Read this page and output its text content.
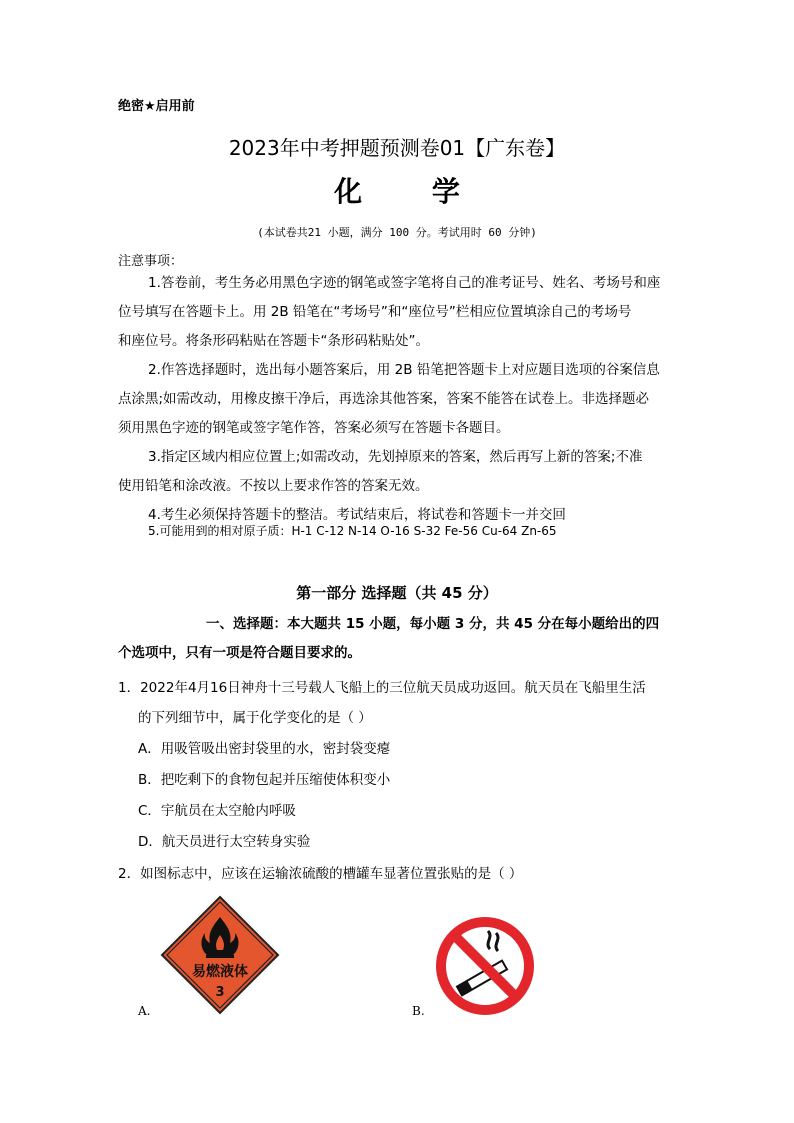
绝密★启用前
2023年中考押题预测卷01【广东卷】
化 学
(本试卷共21 小题，满分 100 分。考试用时 60 分钟)
注意事项：
1.答卷前，考生务必用黑色字迹的钢笔或签字笔将自己的准考证号、姓名、考场号和座
位号填写在答题卡上。用 2B 铅笔在“考场号”和“座位号”栏相应位置填涂自己的考场号
和座位号。将条形码粘贴在答题卡“条形码粘贴处”。
2.作答选择题时，选出每小题答案后，用 2B 铅笔把答题卡上对应题目选项的谷案信息
点涂黑;如需改动，用橡皮擦干净后，再选涂其他答案，答案不能答在试卷上。非选择题必
须用黑色字迹的钢笔或签字笔作答，答案必须写在答题卡各题目。
3.指定区域内相应位置上;如需改动，先划掉原来的答案，然后再写上新的答案;不准
使用铅笔和涂改液。不按以上要求作答的答案无效。
4.考生必须保持答题卡的整洁。考试结束后，将试卷和答题卡一并交回
5.可能用到的相对原子质：H-1 C-12 N-14 O-16 S-32 Fe-56 Cu-64 Zn-65
第一部分 选择题（共 45 分）
一、选择题：本大题共 15 小题，每小题 3 分，共 45 分在每小题给出的四
个选项中，只有一项是符合题目要求的。
1．2022年4月16日神舟十三号载人飞船上的三位航天员成功返回。航天员在飞船里生活
的下列细节中，属于化学变化的是（ ）
A．用吸管吸出密封袋里的水，密封袋变瘪
B．把吃剩下的食物包起并压缩使体积变小
C．宇航员在太空舱内呼吸
D．航天员进行太空转身实验
2．如图标志中，应该在运输浓硫酸的槽罐车显著位置张贴的是（ ）
易燃液体
3
A.	B.
